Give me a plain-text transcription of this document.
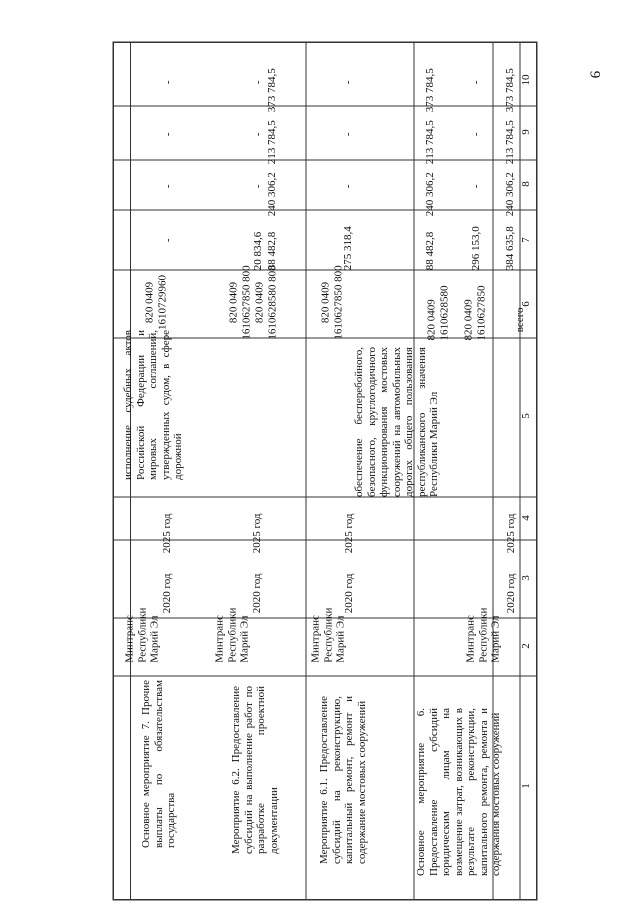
9
1
2
3
4
5
6
7
8
9
10
Основное мероприятие 6. Предоставление субсидий юридическим лицам на возмещение затрат, возникающих в результате реконструкции, капитального ремонта, ремонта и содержания мостовых сооружений
Минтранс Республики Марий Эл
2020 год
2025 год
обеспечение бесперебойного, безопасного, круглогодичного функционирования мостовых сооружений на автомобильных дорогах общего пользования республиканского значения Республики Марий Эл
всего
820 0409 1610627850
820 0409 1610628580
384 635,8
296 153,0
88 482,8
240 306,2
-
240 306,2
213 784,5
-
213 784,5
373 784,5
-
373 784,5
Мероприятие 6.1. Предоставление субсидий на реконструкцию, капитальный ремонт, ремонт и содержание мостовых сооружений
Минтранс Республики Марий Эл
2020 год
2025 год
820 0409 1610627850 800
820 0409 1610628580 800
275 318,4
88 482,8
-
240 306,2
-
213 784,5
-
373 784,5
Мероприятие 6.2. Предоставление субсидий на выполнение работ по разработке проектной документации
Минтранс Республики Марий Эл
2020 год
2025 год
820 0409 1610627850 800
20 834,6
-
-
-
Основное мероприятие 7. Прочие выплаты по обязательствам государства
Минтранс Республики Марий Эл
2020 год
2025 год
исполнение судебных актов Российской Федерации и мировых соглашений, утвержденных судом, в сфере дорожной
820 0409 1610729960
-
-
-
-
